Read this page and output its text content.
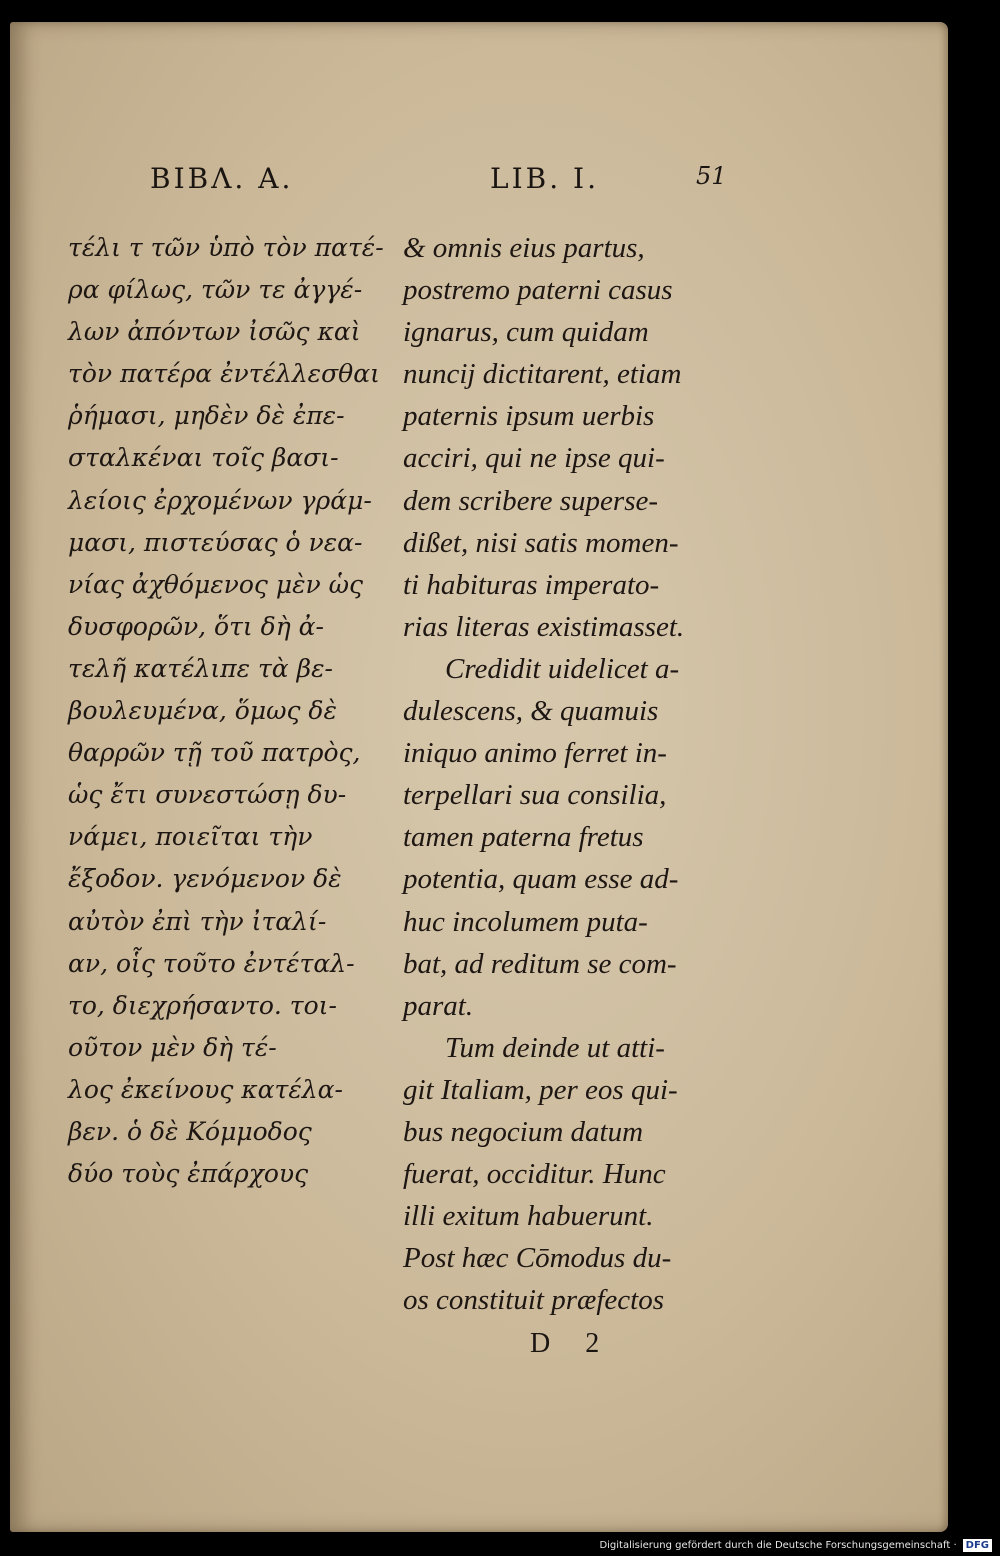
ΒΙΒΛ. Α.	LIB. I.	51
τέλι τ τῶν ὑπὸ τὸν πατέ-
ρα φίλως, τῶν τε ἀγγέ-
λων ἀπόντων ἰσῶς καὶ
τὸν πατέρα ἐντέλλεσθαι
ῥήμασι, μηδὲν δὲ ἐπε-
σταλκέναι τοῖς βασι-
λείοις ἐρχομένων γράμ-
μασι, πιστεύσας ὁ νεα-
νίας ἀχθόμενος μὲν ὡς
δυσφορῶν, ὅτι δὴ ἀ-
τελῆ κατέλιπε τὰ βε-
βουλευμένα, ὅμως δὲ
θαρρῶν τῇ τοῦ πατρὸς,
ὡς ἔτι συνεστώσῃ δυ-
νάμει, ποιεῖται τὴν
ἔξοδον. γενόμενον δὲ
αὐτὸν ἐπὶ τὴν ἰταλί-
αν, οἷς τοῦτο ἐντέταλ-
το, διεχρήσαντο. τοι-
οῦτον μὲν δὴ τέ-
λος ἐκείνους κατέλα-
βεν. ὁ δὲ Κόμμοδος
δύο τοὺς ἐπάρχους
& omnis eius partus,
postremo paterni casus
ignarus, cum quidam
nuncij dictitarent, etiam
paternis ipsum uerbis
acciri, qui ne ipse qui-
dem scribere superse-
dißet, nisi satis momen-
ti habituras imperato-
rias literas existimasset.
Credidit uidelicet a-
dulescens, & quamuis
iniquo animo ferret in-
terpellari sua consilia,
tamen paterna fretus
potentia, quam esse ad-
huc incolumem puta-
bat, ad reditum se com-
parat.
Tum deinde ut atti-
git Italiam, per eos qui-
bus negocium datum
fuerat, occiditur. Hunc
illi exitum habuerunt.
Post hæc Cōmodus du-
os constituit præfectos
D 2
Digitalisierung gefördert durch die Deutsche Forschungsgemeinschaft · DFG
